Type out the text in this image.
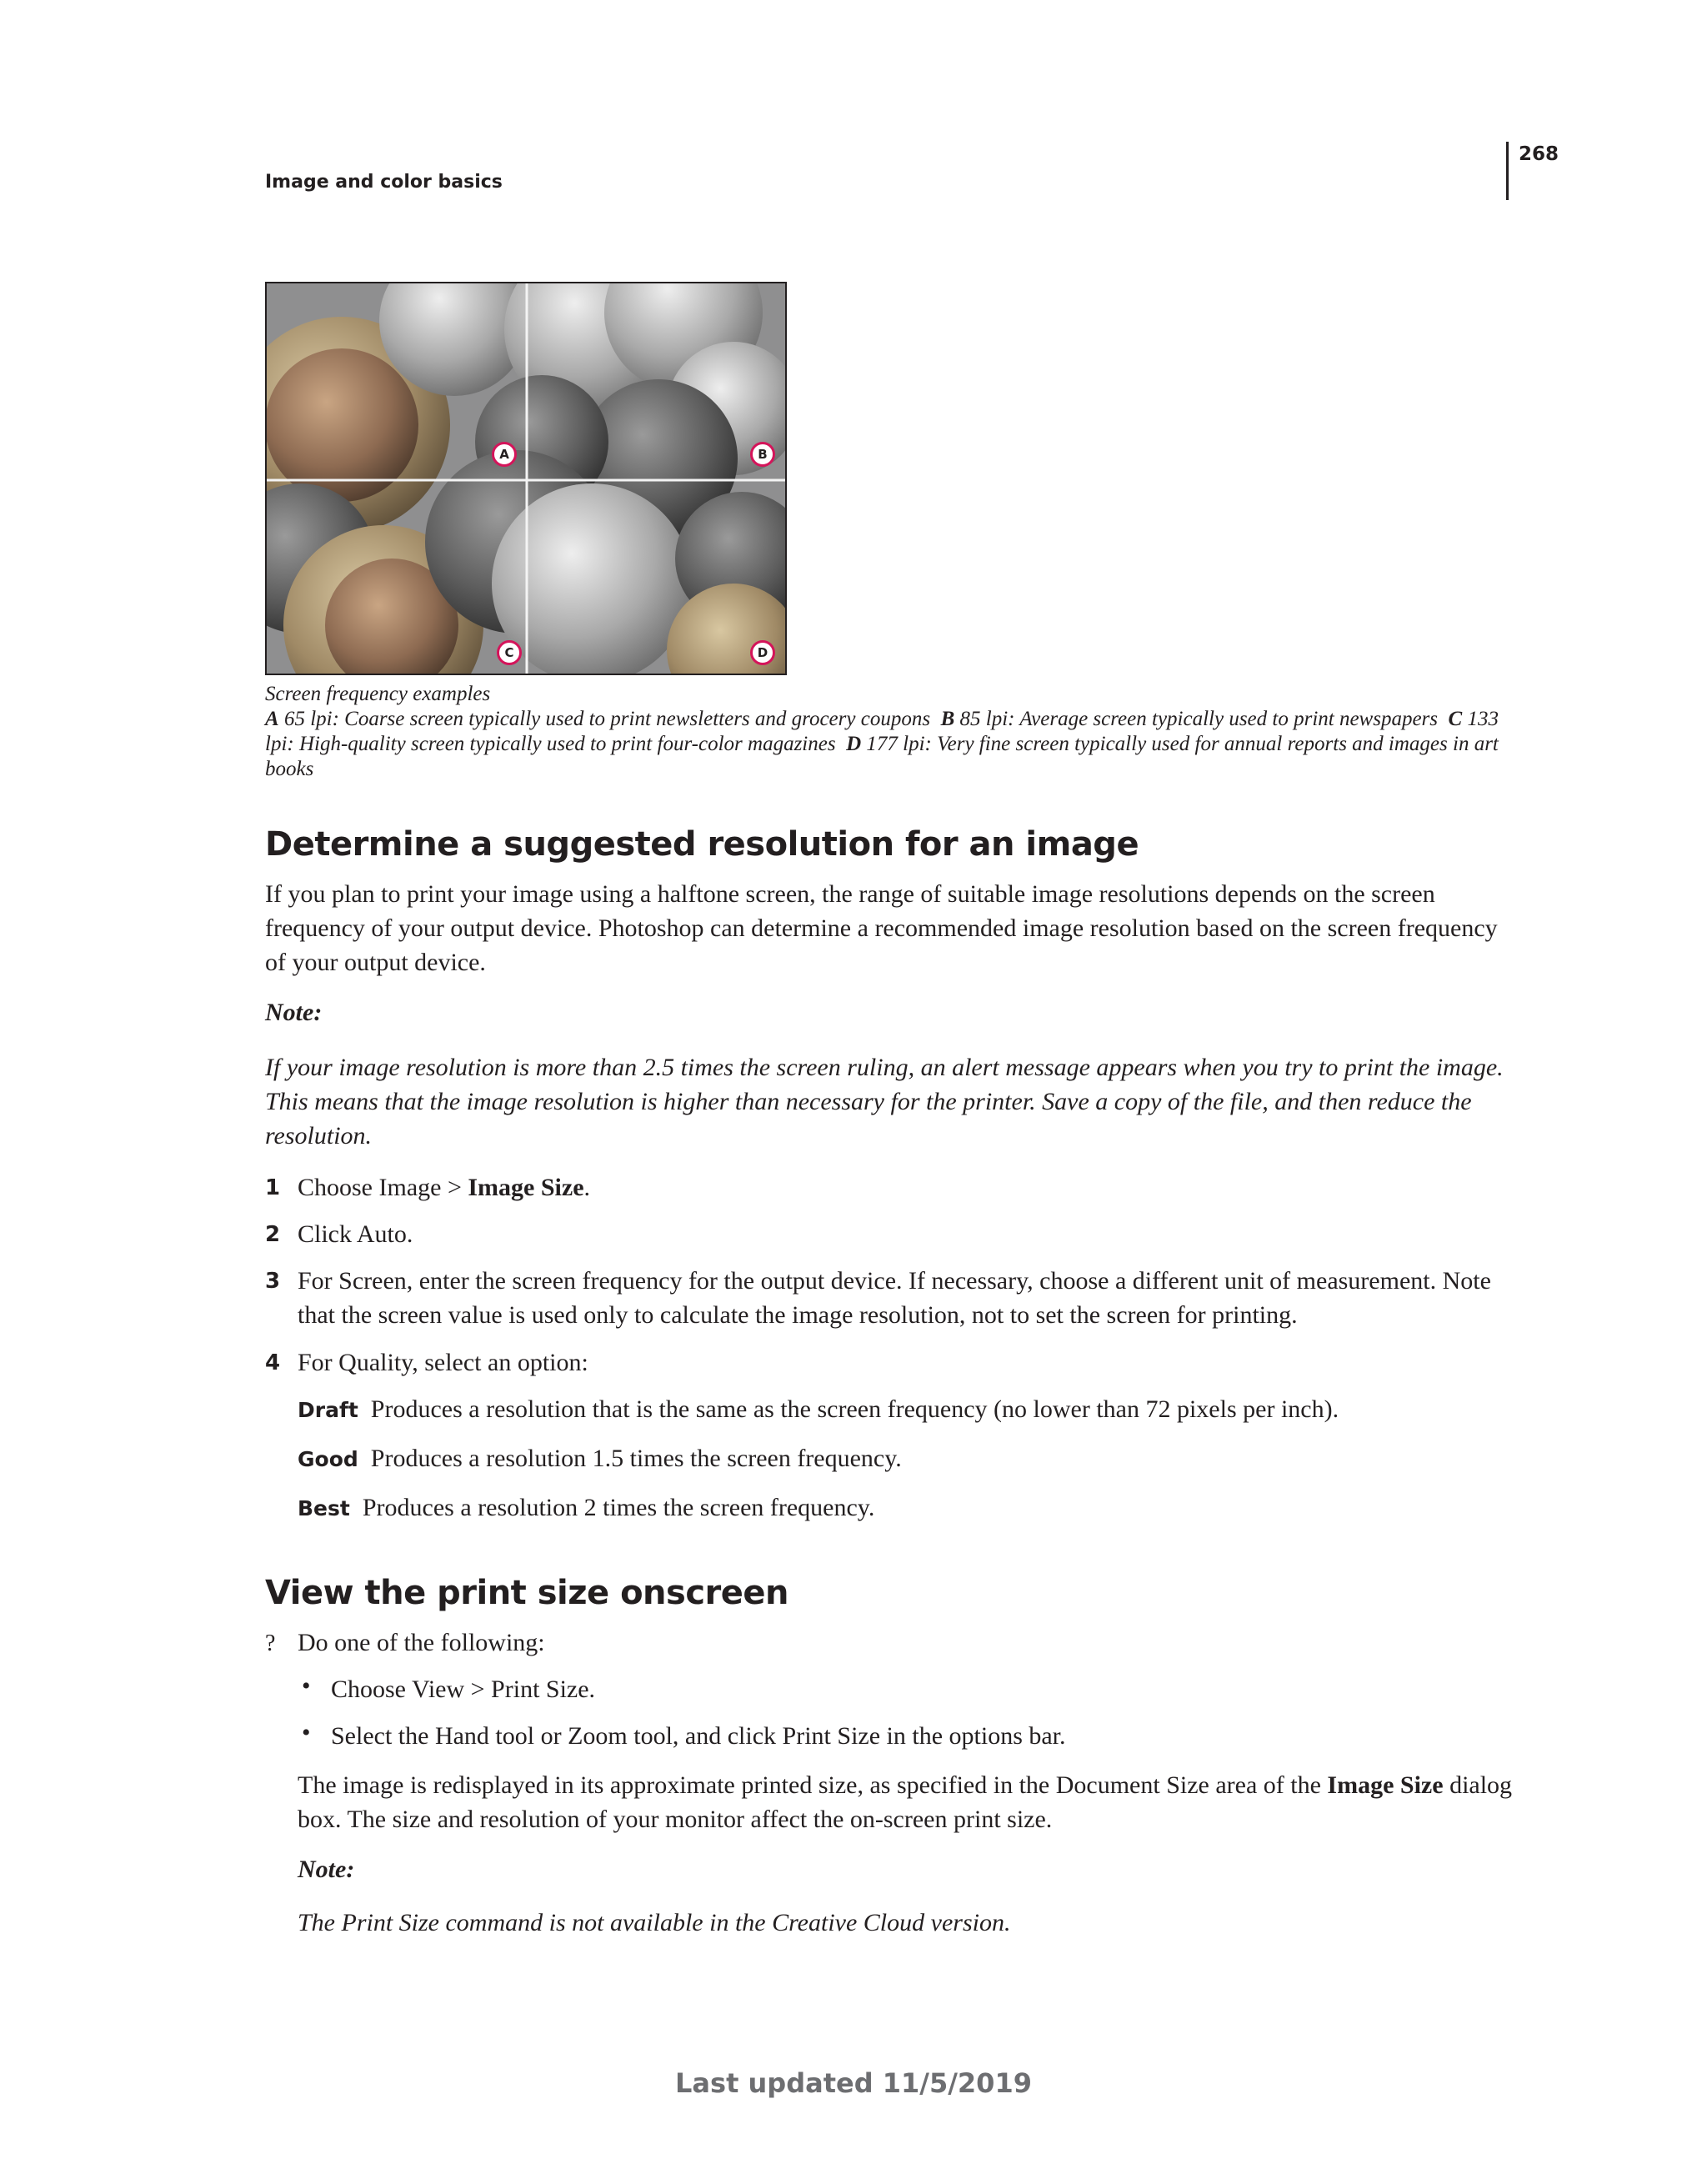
Image and color basics
268
A	B
C	D

Screen frequency examples
A 65 lpi: Coarse screen typically used to print newsletters and grocery coupons B 85 lpi: Average screen typically used to print newspapers C 133 lpi: High-quality screen typically used to print four-color magazines D 177 lpi: Very fine screen typically used for annual reports and images in art books

Determine a suggested resolution for an image

If you plan to print your image using a halftone screen, the range of suitable image resolutions depends on the screen frequency of your output device. Photoshop can determine a recommended image resolution based on the screen frequency of your output device.

Note:

If your image resolution is more than 2.5 times the screen ruling, an alert message appears when you try to print the image. This means that the image resolution is higher than necessary for the printer. Save a copy of the file, and then reduce the resolution.

1 Choose Image > Image Size.

2 Click Auto.

3 For Screen, enter the screen frequency for the output device. If necessary, choose a different unit of measurement. Note that the screen value is used only to calculate the image resolution, not to set the screen for printing.

4 For Quality, select an option:

Draft Produces a resolution that is the same as the screen frequency (no lower than 72 pixels per inch).

Good Produces a resolution 1.5 times the screen frequency.

Best Produces a resolution 2 times the screen frequency.

View the print size onscreen
? Do one of the following:

• Choose View > Print Size.

• Select the Hand tool or Zoom tool, and click Print Size in the options bar.

The image is redisplayed in its approximate printed size, as specified in the Document Size area of the Image Size dialog box. The size and resolution of your monitor affect the on-screen print size.

Note:

The Print Size command is not available in the Creative Cloud version.

Last updated 11/5/2019
